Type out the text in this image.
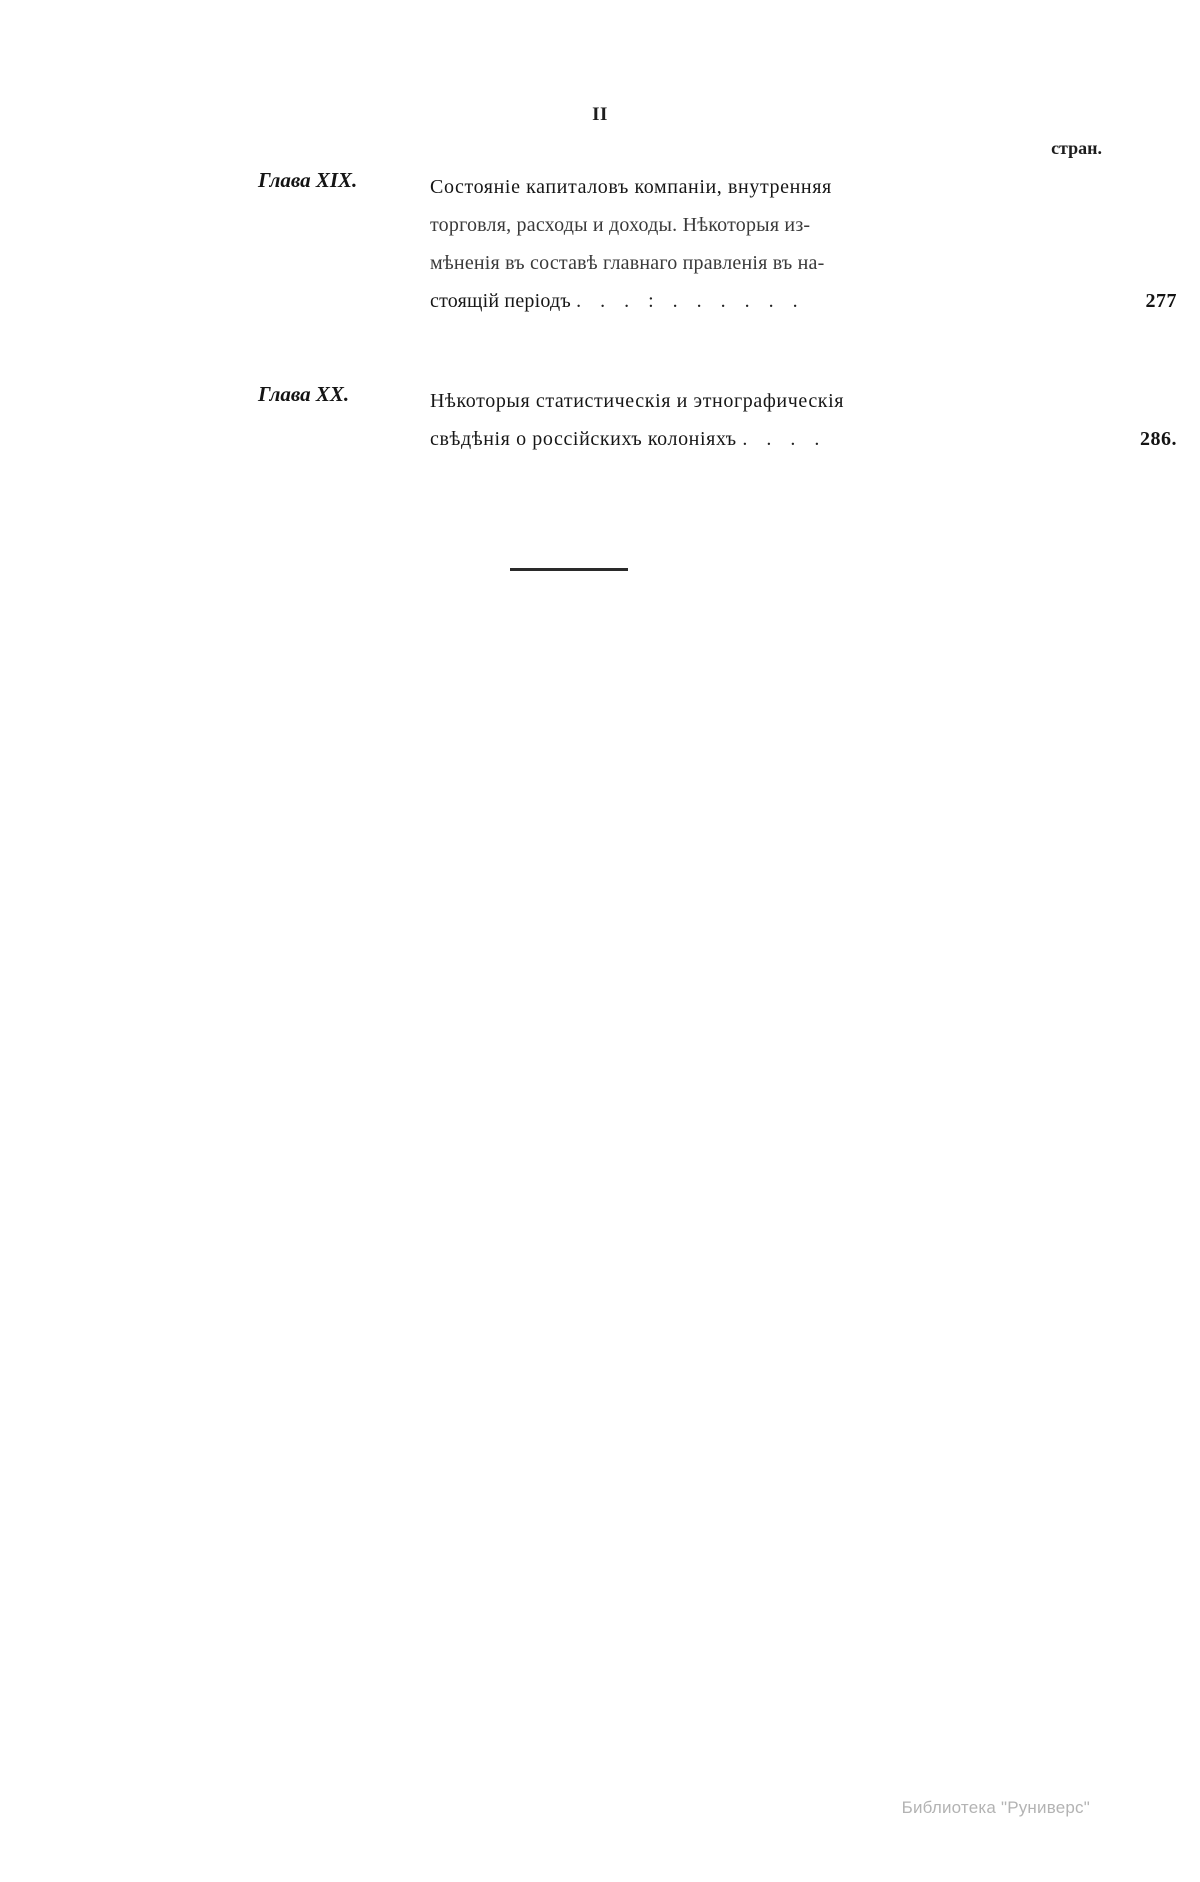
II
стран.
Глава XIX.	Состояніе капиталовъ компаніи, внутренняя
торговля, расходы и доходы. Нѣкоторыя из-
мѣненія въ составѣ главнаго правленія въ на-
стоящій періодъ . . . : . . . . . .	277
Глава XX.	Нѣкоторыя статистическія и этнографическія
свѣдѣнія о россійскихъ колоніяхъ . . . .	286.
Библиотека "Руниверс"
